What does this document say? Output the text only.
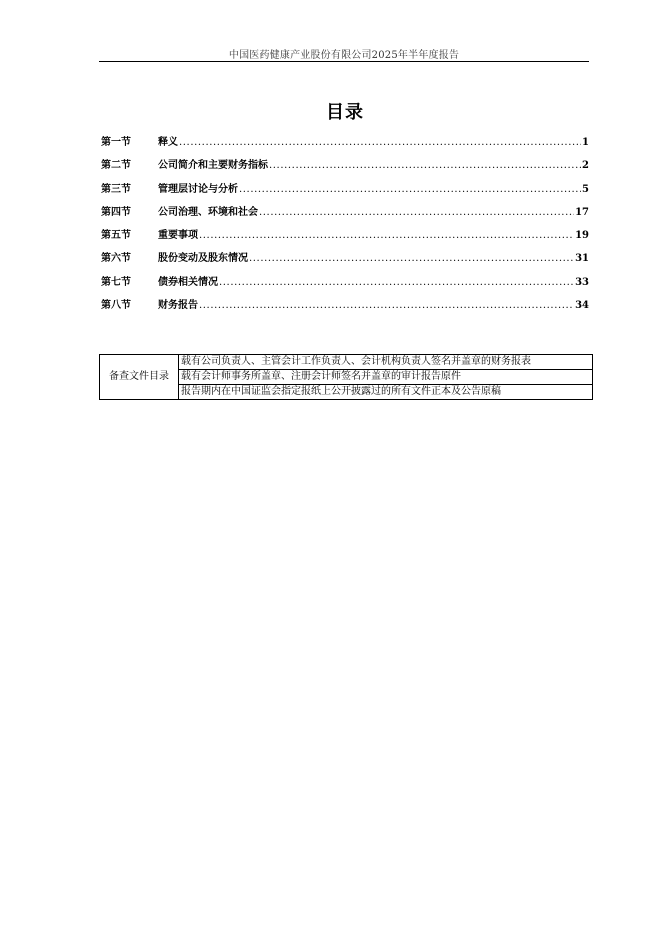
中国医药健康产业股份有限公司2025年半年度报告
目录
第一节	释义 .....	1
第二节	公司简介和主要财务指标 .....	2
第三节	管理层讨论与分析 .....	5
第四节	公司治理、环境和社会 .....	17
第五节	重要事项 .....	19
第六节	股份变动及股东情况 .....	31
第七节	债券相关情况 .....	33
第八节	财务报告 .....	34
备查文件目录	载有公司负责人、主管会计工作负责人、会计机构负责人签名并盖章的财务报表
载有会计师事务所盖章、注册会计师签名并盖章的审计报告原件
报告期内在中国证监会指定报纸上公开披露过的所有文件正本及公告原稿
